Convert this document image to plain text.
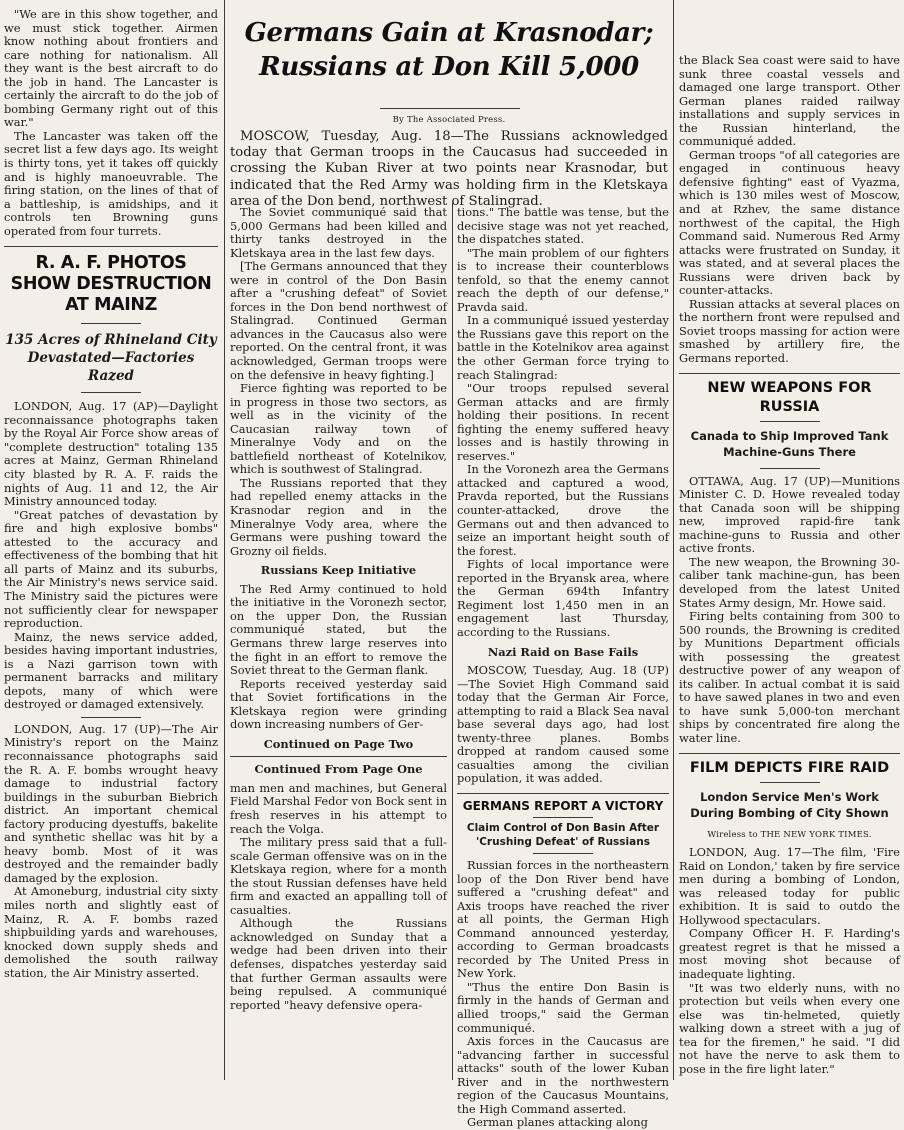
"We are in this show together, and we must stick together. Airmen know nothing about frontiers and care nothing for nationalism. All they want is the best aircraft to do the job in hand. The Lancaster is certainly the aircraft to do the job of bombing Germany right out of this war."

The Lancaster was taken off the secret list a few days ago. Its weight is thirty tons, yet it takes off quickly and is highly manoeuvrable. The firing station, on the lines of that of a battleship, is amidships, and it controls ten Browning guns operated from four turrets.

R. A. F. PHOTOS SHOW DESTRUCTION AT MAINZ
135 Acres of Rhineland City Devastated—Factories Razed

LONDON, Aug. 17 (AP)—Daylight reconnaissance photographs taken by the Royal Air Force show areas of "complete destruction" totaling 135 acres at Mainz, German Rhineland city blasted by R. A. F. raids the nights of Aug. 11 and 12, the Air Ministry announced today.

"Great patches of devastation by fire and high explosive bombs" attested to the accuracy and effectiveness of the bombing that hit all parts of Mainz and its suburbs, the Air Ministry's news service said. The Ministry said the pictures were not sufficiently clear for newspaper reproduction.

Mainz, the news service added, besides having important industries, is a Nazi garrison town with permanent barracks and military depots, many of which were destroyed or damaged extensively.

LONDON, Aug. 17 (UP)—The Air Ministry's report on the Mainz reconnaissance photographs said the R. A. F. bombs wrought heavy damage to industrial factory buildings in the suburban Biebrich district. An important chemical factory producing dyestuffs, bakelite and synthetic shellac was hit by a heavy bomb. Most of it was destroyed and the remainder badly damaged by the explosion.

At Amoneburg, industrial city sixty miles north and slightly east of Mainz, R. A. F. bombs razed shipbuilding yards and warehouses, knocked down supply sheds and demolished the south railway station, the Air Ministry asserted.

Germans Gain at Krasnodar; Russians at Don Kill 5,000
By The Associated Press.

MOSCOW, Tuesday, Aug. 18—The Russians acknowledged today that German troops in the Caucasus had succeeded in crossing the Kuban River at two points near Krasnodar, but indicated that the Red Army was holding firm in the Kletskaya area of the Don bend, northwest of Stalingrad.

The Soviet communiqué said that 5,000 Germans had been killed and thirty tanks destroyed in the Kletskaya area in the last few days.

[The Germans announced that they were in control of the Don Basin after a "crushing defeat" of Soviet forces in the Don bend northwest of Stalingrad. Continued German advances in the Caucasus also were reported. On the central front, it was acknowledged, German troops were on the defensive in heavy fighting.]

Fierce fighting was reported to be in progress in those two sectors, as well as in the vicinity of the Caucasian railway town of Mineralnye Vody and on the battlefield northeast of Kotelnikov, which is southwest of Stalingrad.

The Russians reported that they had repelled enemy attacks in the Krasnodar region and in the Mineralnye Vody area, where the Germans were pushing toward the Grozny oil fields.

Russians Keep Initiative

The Red Army continued to hold the initiative in the Voronezh sector, on the upper Don, the Russian communiqué stated, but the Germans threw large reserves into the fight in an effort to remove the Soviet threat to the German flank.

Reports received yesterday said that Soviet fortifications in the Kletskaya region were grinding down increasing numbers of Ger-

Continued on Page Two
Continued From Page One

man men and machines, but General Field Marshal Fedor von Bock sent in fresh reserves in his attempt to reach the Volga.

The military press said that a full-scale German offensive was on in the Kletskaya region, where for a month the stout Russian defenses have held firm and exacted an appalling toll of casualties.

Although the Russians acknowledged on Sunday that a wedge had been driven into their defenses, dispatches yesterday said that further German assaults were being repulsed. A communiqué reported "heavy defensive opera-

tions." The battle was tense, but the decisive stage was not yet reached, the dispatches stated.

"The main problem of our fighters is to increase their counterblows tenfold, so that the enemy cannot reach the depth of our defense," Pravda said.

In a communiqué issued yesterday the Russians gave this report on the battle in the Kotelnikov area against the other German force trying to reach Stalingrad:

"Our troops repulsed several German attacks and are firmly holding their positions. In recent fighting the enemy suffered heavy losses and is hastily throwing in reserves."

In the Voronezh area the Germans attacked and captured a wood, Pravda reported, but the Russians counter-attacked, drove the Germans out and then advanced to seize an important height south of the forest.

Fights of local importance were reported in the Bryansk area, where the German 694th Infantry Regiment lost 1,450 men in an engagement last Thursday, according to the Russians.

Nazi Raid on Base Fails

MOSCOW, Tuesday, Aug. 18 (UP)—The Soviet High Command said today that the German Air Force, attempting to raid a Black Sea naval base several days ago, had lost twenty-three planes. Bombs dropped at random caused some casualties among the civilian population, it was added.

GERMANS REPORT A VICTORY
Claim Control of Don Basin After 'Crushing Defeat' of Russians

Russian forces in the northeastern loop of the Don River bend have suffered a "crushing defeat" and Axis troops have reached the river at all points, the German High Command announced yesterday, according to German broadcasts recorded by The United Press in New York.

"Thus the entire Don Basin is firmly in the hands of German and allied troops," said the German communiqué.

Axis forces in the Caucasus are "advancing farther in successful attacks" south of the lower Kuban River and in the northwestern region of the Caucasus Mountains, the High Command asserted.

German planes attacking along

the Black Sea coast were said to have sunk three coastal vessels and damaged one large transport. Other German planes raided railway installations and supply services in the Russian hinterland, the communiqué added.

German troops "of all categories are engaged in continuous heavy defensive fighting" east of Vyazma, which is 130 miles west of Moscow, and at Rzhev, the same distance northwest of the capital, the High Command said. Numerous Red Army attacks were frustrated on Sunday, it was stated, and at several places the Russians were driven back by counter-attacks.

Russian attacks at several places on the northern front were repulsed and Soviet troops massing for action were smashed by artillery fire, the Germans reported.

NEW WEAPONS FOR RUSSIA
Canada to Ship Improved Tank Machine-Guns There

OTTAWA, Aug. 17 (UP)—Munitions Minister C. D. Howe revealed today that Canada soon will be shipping new, improved rapid-fire tank machine-guns to Russia and other active fronts.

The new weapon, the Browning 30-caliber tank machine-gun, has been developed from the latest United States Army design, Mr. Howe said.

Firing belts containing from 300 to 500 rounds, the Browning is credited by Munitions Department officials with possessing the greatest destructive power of any weapon of its caliber. In actual combat it is said to have sawed planes in two and even to have sunk 5,000-ton merchant ships by concentrated fire along the water line.

FILM DEPICTS FIRE RAID
London Service Men's Work During Bombing of City Shown
Wireless to THE NEW YORK TIMES.

LONDON, Aug. 17—The film, 'Fire Raid on London,' taken by fire service men during a bombing of London, was released today for public exhibition. It is said to outdo the Hollywood spectaculars.

Company Officer H. F. Harding's greatest regret is that he missed a most moving shot because of inadequate lighting.

"It was two elderly nuns, with no protection but veils when every one else was tin-helmeted, quietly walking down a street with a jug of tea for the firemen," he said. "I did not have the nerve to ask them to pose in the fire light later."
